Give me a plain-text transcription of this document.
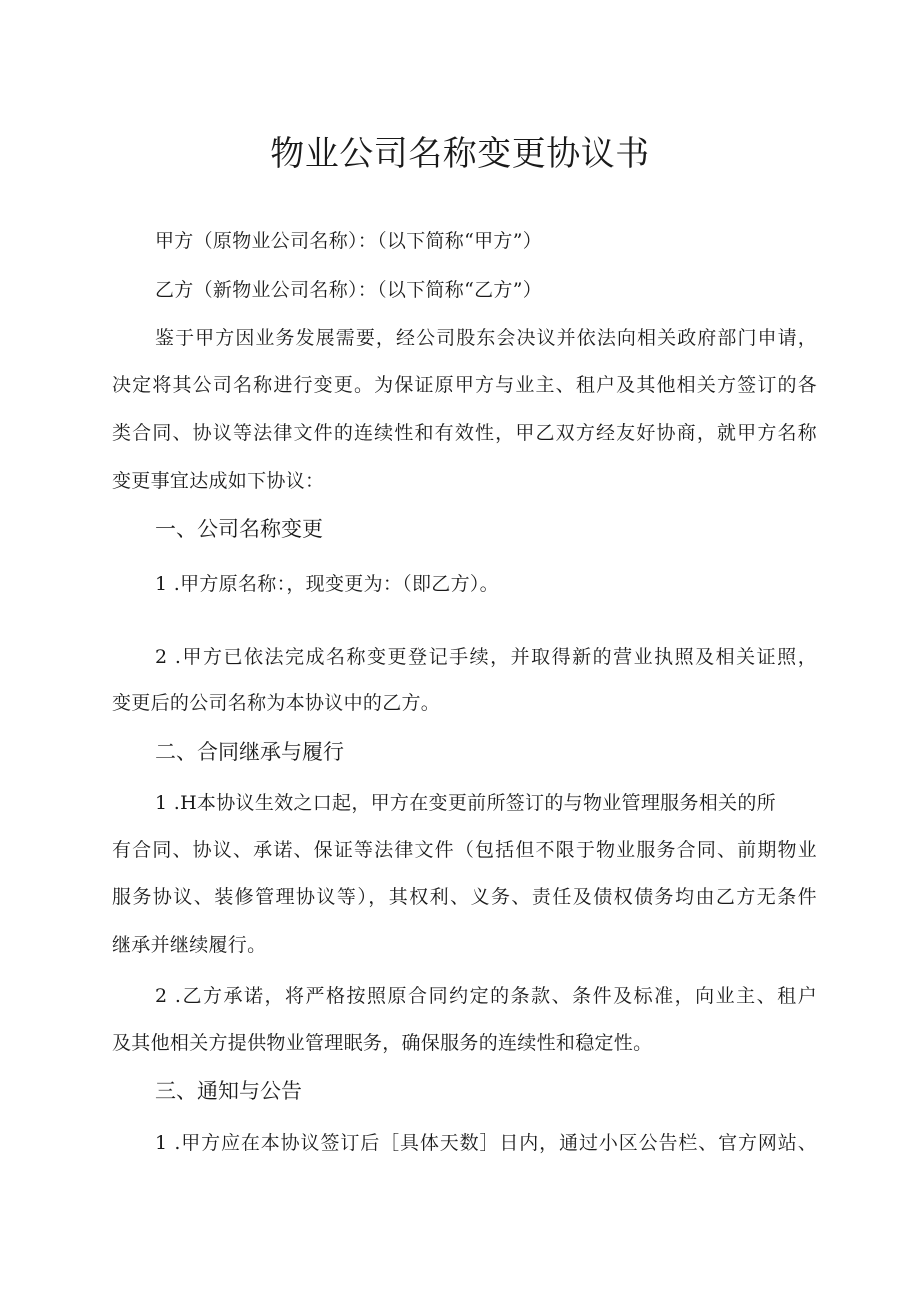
物业公司名称变更协议书
甲方（原物业公司名称）：（以下简称“甲方”）
乙方（新物业公司名称）：（以下简称“乙方”）
鉴于甲方因业务发展需要，经公司股东会决议并依法向相关政府部门申请，
决定将其公司名称进行变更。为保证原甲方与业主、租户及其他相关方签订的各
类合同、协议等法律文件的连续性和有效性，甲乙双方经友好协商，就甲方名称
变更事宜达成如下协议：
一、公司名称变更
1 .甲方原名称：，现变更为：（即乙方）。
2 .甲方已依法完成名称变更登记手续，并取得新的营业执照及相关证照，
变更后的公司名称为本协议中的乙方。
二、合同继承与履行
1 .H本协议生效之口起，甲方在变更前所签订的与物业管理服务相关的所
有合同、协议、承诺、保证等法律文件（包括但不限于物业服务合同、前期物业
服务协议、装修管理协议等），其权利、义务、责任及债权债务均由乙方无条件
继承并继续履行。
2 .乙方承诺，将严格按照原合同约定的条款、条件及标准，向业主、租户
及其他相关方提供物业管理眠务，确保服务的连续性和稳定性。
三、通知与公告
1 .甲方应在本协议签订后［具体天数］日内，通过小区公告栏、官方网站、
